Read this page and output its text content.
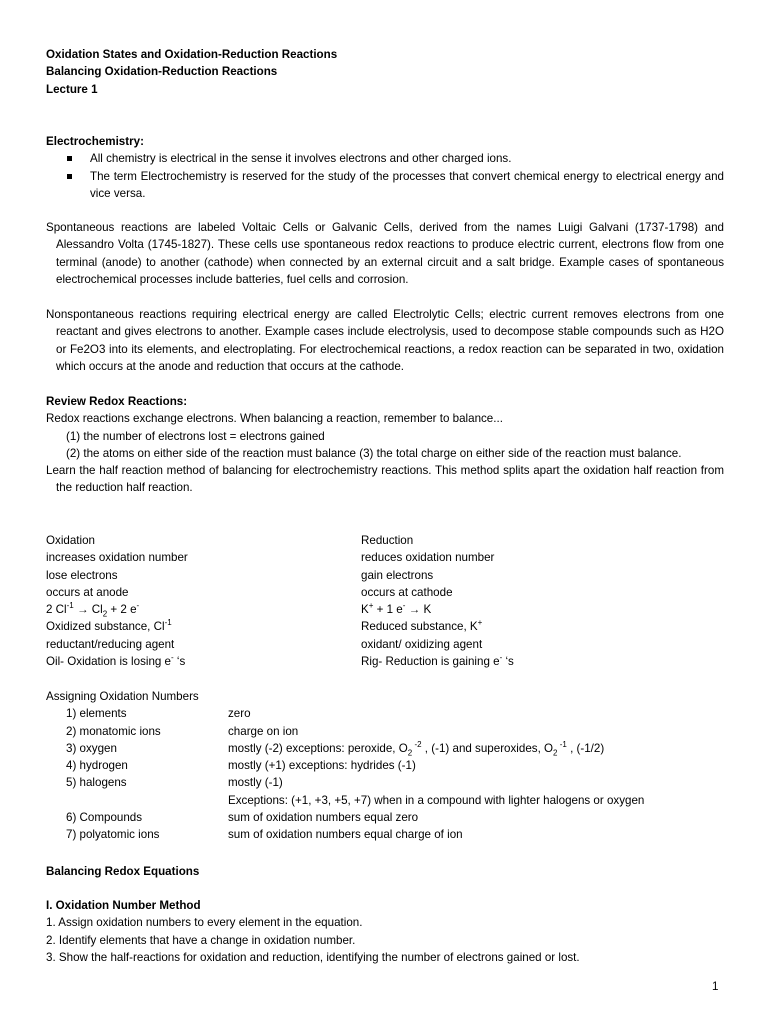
Oxidation States and Oxidation-Reduction Reactions

Balancing Oxidation-Reduction Reactions

Lecture 1

Electrochemistry:

All chemistry is electrical in the sense it involves electrons and other charged ions.
The term Electrochemistry is reserved for the study of the processes that convert chemical energy to electrical energy and vice versa.

Spontaneous reactions are labeled Voltaic Cells or Galvanic Cells, derived from the names Luigi Galvani (1737-1798) and Alessandro Volta (1745-1827). These cells use spontaneous redox reactions to produce electric current, electrons flow from one terminal (anode) to another (cathode) when connected by an external circuit and a salt bridge. Example cases of spontaneous electrochemical processes include batteries, fuel cells and corrosion.

Nonspontaneous reactions requiring electrical energy are called Electrolytic Cells; electric current removes electrons from one reactant and gives electrons to another. Example cases include electrolysis, used to decompose stable compounds such as H2O or Fe2O3 into its elements, and electroplating. For electrochemical reactions, a redox reaction can be separated in two, oxidation which occurs at the anode and reduction that occurs at the cathode.

Review Redox Reactions:

Redox reactions exchange electrons. When balancing a reaction, remember to balance...

(1) the number of electrons lost = electrons gained

(2) the atoms on either side of the reaction must balance (3) the total charge on either side of the reaction must balance.

Learn the half reaction method of balancing for electrochemistry reactions. This method splits apart the oxidation half reaction from the reduction half reaction.

Oxidation	Reduction
increases oxidation number	reduces oxidation number
lose electrons	gain electrons
occurs at anode	occurs at cathode
2 $Cl^{-1} \to Cl_2 + 2$ e-	K+ + 1 e- → K
Oxidized substance, $Cl^{-1}$	Reduced substance, K+
reductant/reducing agent	oxidant/ oxidizing agent
Oil- Oxidation is losing e- ‘s	Rig- Reduction is gaining e- ‘s

Assigning Oxidation Numbers

1) elements	zero
2) monatomic ions	charge on ion
3) oxygen	mostly (-2) exceptions: peroxide, $O_2$ $^{-2}$ , (-1) and superoxides, $O_2$ $^{-1}$ , (-1/2)
4) hydrogen	mostly (+1) exceptions: hydrides (-1)
5) halogens	mostly (-1)
Exceptions: (+1, +3, +5, +7) when in a compound with lighter halogens or oxygen
6) Compounds	sum of oxidation numbers equal zero
7) polyatomic ions	sum of oxidation numbers equal charge of ion

Balancing Redox Equations

I. Oxidation Number Method

1. Assign oxidation numbers to every element in the equation.

2. Identify elements that have a change in oxidation number.

3. Show the half-reactions for oxidation and reduction, identifying the number of electrons gained or lost.

1
